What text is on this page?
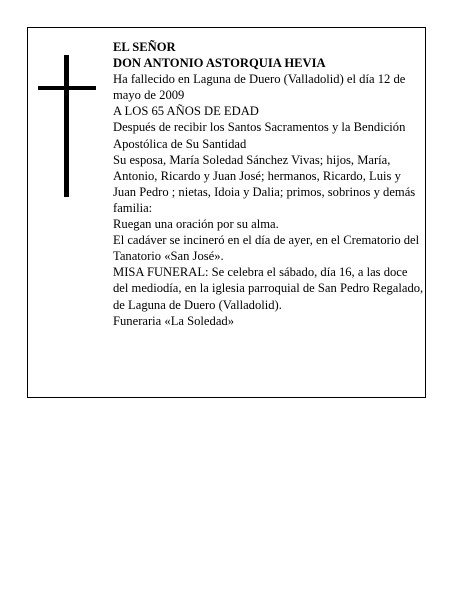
EL SEÑOR

DON ANTONIO ASTORQUIA HEVIA

Ha fallecido en Laguna de Duero (Valladolid) el día 12 de mayo de 2009

A LOS 65 AÑOS DE EDAD

Después de recibir los Santos Sacramentos y la Bendición Apostólica de Su Santidad

Su esposa, María Soledad Sánchez Vivas; hijos, María, Antonio, Ricardo y Juan José; hermanos, Ricardo, Luis y Juan Pedro ; nietas, Idoia y Dalia; primos, sobrinos y demás familia:

Ruegan una oración por su alma.

El cadáver se incineró en el día de ayer, en el Crematorio del Tanatorio «San José».

MISA FUNERAL: Se celebra el sábado, día 16, a las doce del mediodía, en la iglesia parroquial de San Pedro Regalado, de Laguna de Duero (Valladolid).

Funeraria «La Soledad»
